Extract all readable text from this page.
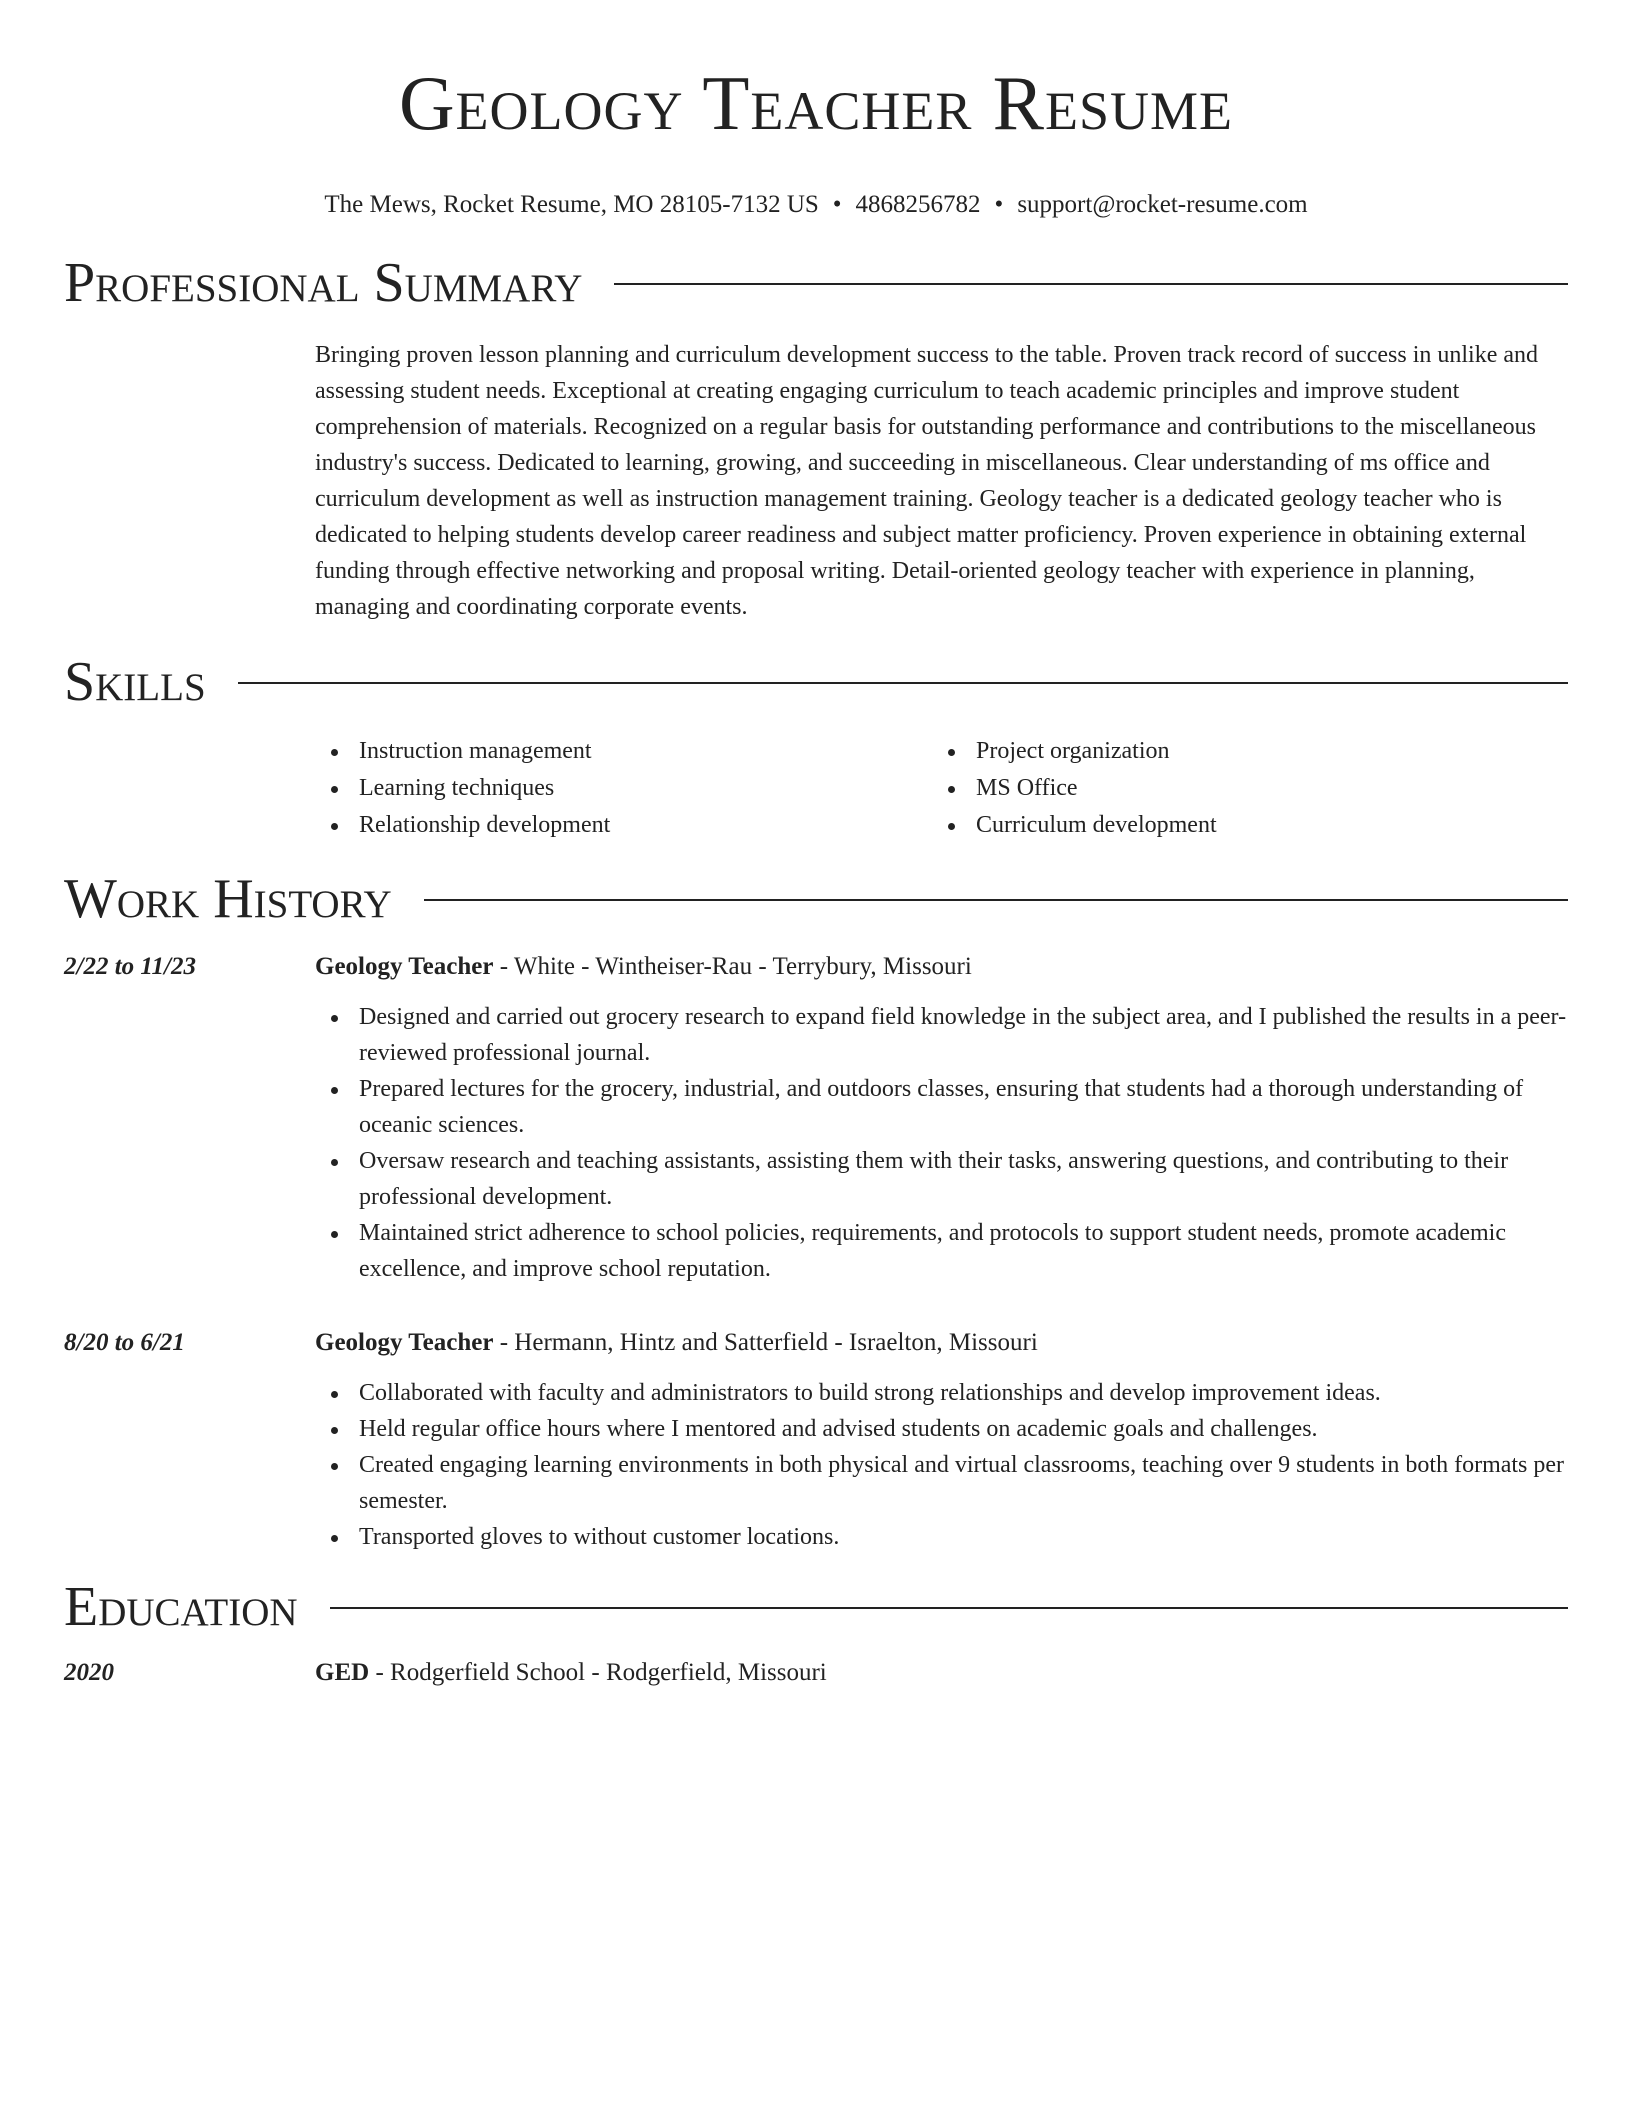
Geology Teacher Resume
The Mews, Rocket Resume, MO 28105-7132 US • 4868256782 • support@rocket-resume.com
Professional Summary

Bringing proven lesson planning and curriculum development success to the table. Proven track record of success in unlike and assessing student needs. Exceptional at creating engaging curriculum to teach academic principles and improve student comprehension of materials. Recognized on a regular basis for outstanding performance and contributions to the miscellaneous industry's success. Dedicated to learning, growing, and succeeding in miscellaneous. Clear understanding of ms office and curriculum development as well as instruction management training. Geology teacher is a dedicated geology teacher who is dedicated to helping students develop career readiness and subject matter proficiency. Proven experience in obtaining external funding through effective networking and proposal writing. Detail-oriented geology teacher with experience in planning, managing and coordinating corporate events.

Skills
Instruction management
Learning techniques
Relationship development
Project organization
MS Office
Curriculum development
Work History
2/22 to 11/23	Geology Teacher - White - Wintheiser-Rau - Terrybury, Missouri
Designed and carried out grocery research to expand field knowledge in the subject area, and I published the results in a peer-reviewed professional journal.
Prepared lectures for the grocery, industrial, and outdoors classes, ensuring that students had a thorough understanding of oceanic sciences.
Oversaw research and teaching assistants, assisting them with their tasks, answering questions, and contributing to their professional development.
Maintained strict adherence to school policies, requirements, and protocols to support student needs, promote academic excellence, and improve school reputation.
8/20 to 6/21	Geology Teacher - Hermann, Hintz and Satterfield - Israelton, Missouri
Collaborated with faculty and administrators to build strong relationships and develop improvement ideas.
Held regular office hours where I mentored and advised students on academic goals and challenges.
Created engaging learning environments in both physical and virtual classrooms, teaching over 9 students in both formats per semester.
Transported gloves to without customer locations.
Education
2020	GED - Rodgerfield School - Rodgerfield, Missouri
